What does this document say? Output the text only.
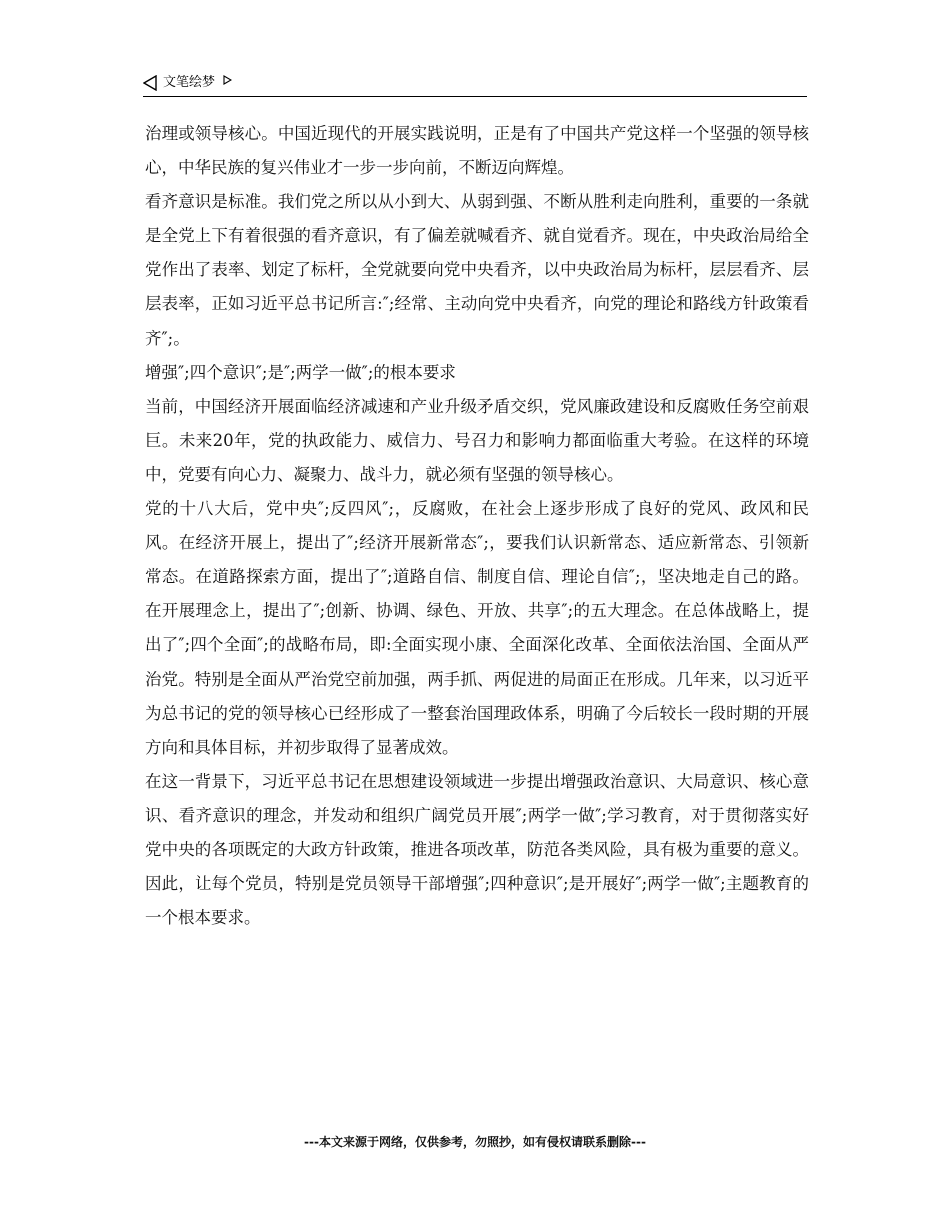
文笔绘梦

治理或领导核心。中国近现代的开展实践说明，正是有了中国共产党这样一个坚强的领导核心，中华民族的复兴伟业才一步一步向前，不断迈向辉煌。

看齐意识是标准。我们党之所以从小到大、从弱到强、不断从胜利走向胜利，重要的一条就是全党上下有着很强的看齐意识，有了偏差就喊看齐、就自觉看齐。现在，中央政治局给全党作出了表率、划定了标杆，全党就要向党中央看齐，以中央政治局为标杆，层层看齐、层层表率，正如习近平总书记所言:″;经常、主动向党中央看齐，向党的理论和路线方针政策看齐″;。

增强″;四个意识″;是″;两学一做″;的根本要求

当前，中国经济开展面临经济减速和产业升级矛盾交织，党风廉政建设和反腐败任务空前艰巨。未来20年，党的执政能力、威信力、号召力和影响力都面临重大考验。在这样的环境中，党要有向心力、凝聚力、战斗力，就必须有坚强的领导核心。

党的十八大后，党中央″;反四风″;，反腐败，在社会上逐步形成了良好的党风、政风和民风。在经济开展上，提出了″;经济开展新常态″;，要我们认识新常态、适应新常态、引领新常态。在道路探索方面，提出了″;道路自信、制度自信、理论自信″;，坚决地走自己的路。在开展理念上，提出了″;创新、协调、绿色、开放、共享″;的五大理念。在总体战略上，提出了″;四个全面″;的战略布局，即:全面实现小康、全面深化改革、全面依法治国、全面从严治党。特别是全面从严治党空前加强，两手抓、两促进的局面正在形成。几年来，以习近平为总书记的党的领导核心已经形成了一整套治国理政体系，明确了今后较长一段时期的开展方向和具体目标，并初步取得了显著成效。

在这一背景下，习近平总书记在思想建设领域进一步提出增强政治意识、大局意识、核心意识、看齐意识的理念，并发动和组织广阔党员开展″;两学一做″;学习教育，对于贯彻落实好党中央的各项既定的大政方针政策，推进各项改革，防范各类风险，具有极为重要的意义。因此，让每个党员，特别是党员领导干部增强″;四种意识″;是开展好″;两学一做″;主题教育的一个根本要求。

---本文来源于网络，仅供参考，勿照抄，如有侵权请联系删除---
